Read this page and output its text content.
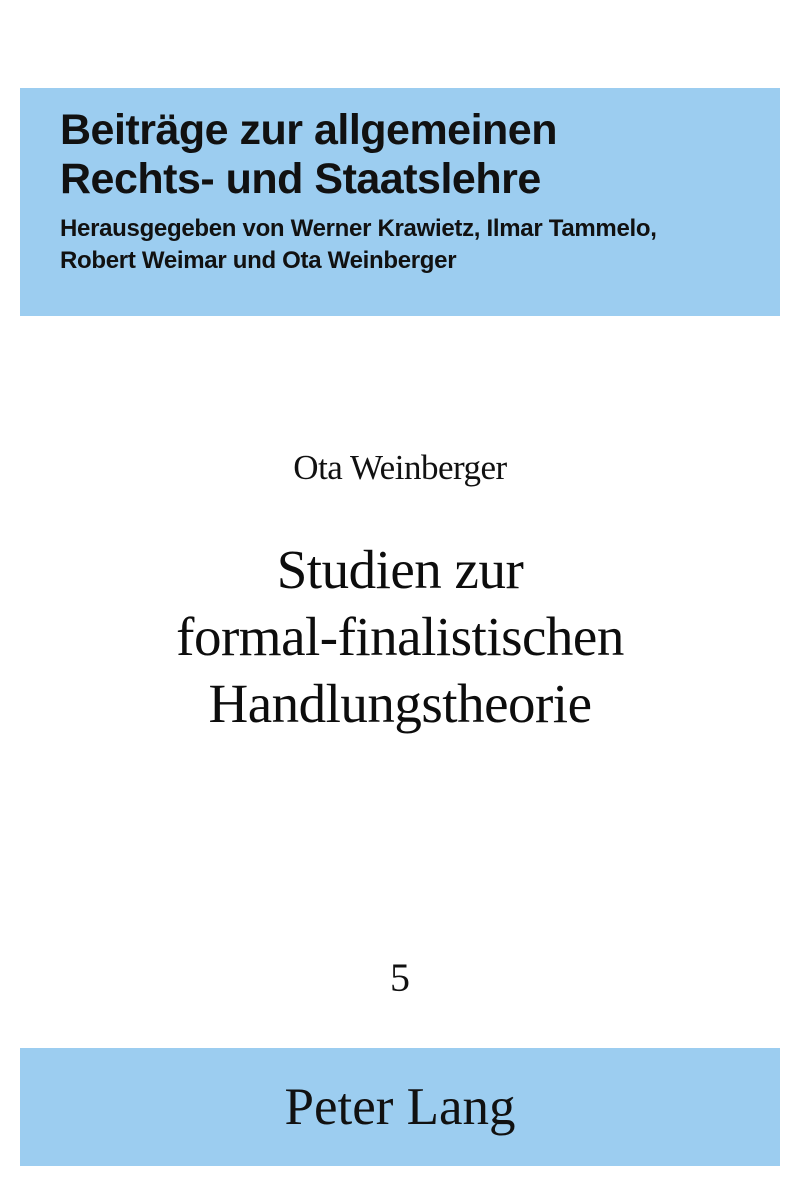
Beiträge zur allgemeinen
Rechts- und Staatslehre
Herausgegeben von Werner Krawietz, Ilmar Tammelo,
Robert Weimar und Ota Weinberger
Ota Weinberger
Studien zur
formal-finalistischen
Handlungstheorie
5
Peter Lang
